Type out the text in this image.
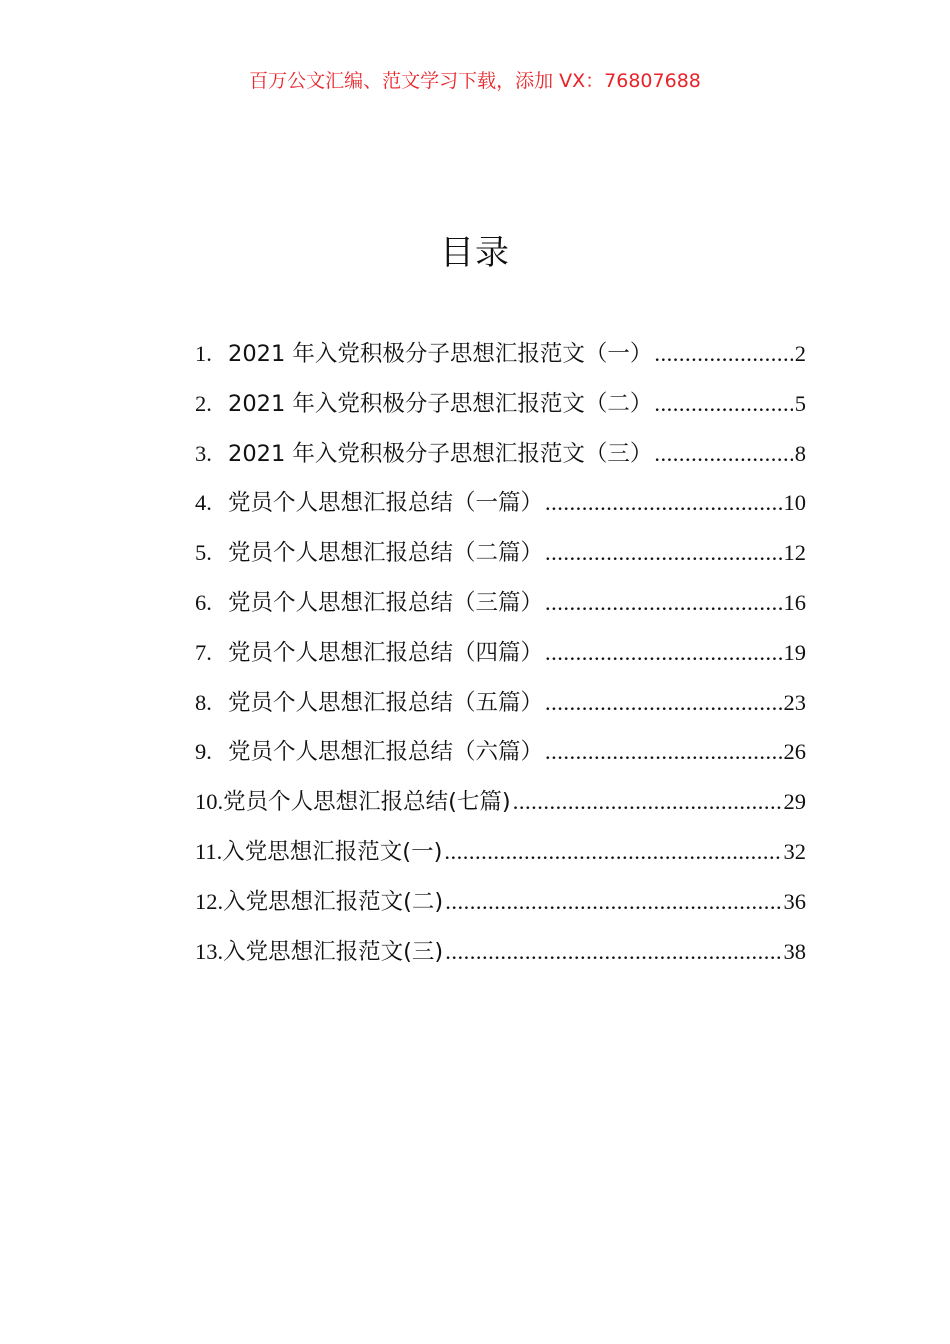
百万公文汇编、范文学习下载，添加 VX：76807688
目录
1. 2021 年入党积极分子思想汇报范文（一） .....	2
2. 2021 年入党积极分子思想汇报范文（二） .....	5
3. 2021 年入党积极分子思想汇报范文（三） .....	8
4. 党员个人思想汇报总结（一篇） .....	10
5. 党员个人思想汇报总结（二篇） .....	12
6. 党员个人思想汇报总结（三篇） .....	16
7. 党员个人思想汇报总结（四篇） .....	19
8. 党员个人思想汇报总结（五篇） .....	23
9. 党员个人思想汇报总结（六篇） .....	26
10. 党员个人思想汇报总结(七篇) .....	29
11. 入党思想汇报范文(一) .....	32
12. 入党思想汇报范文(二) .....	36
13. 入党思想汇报范文(三) .....	38
